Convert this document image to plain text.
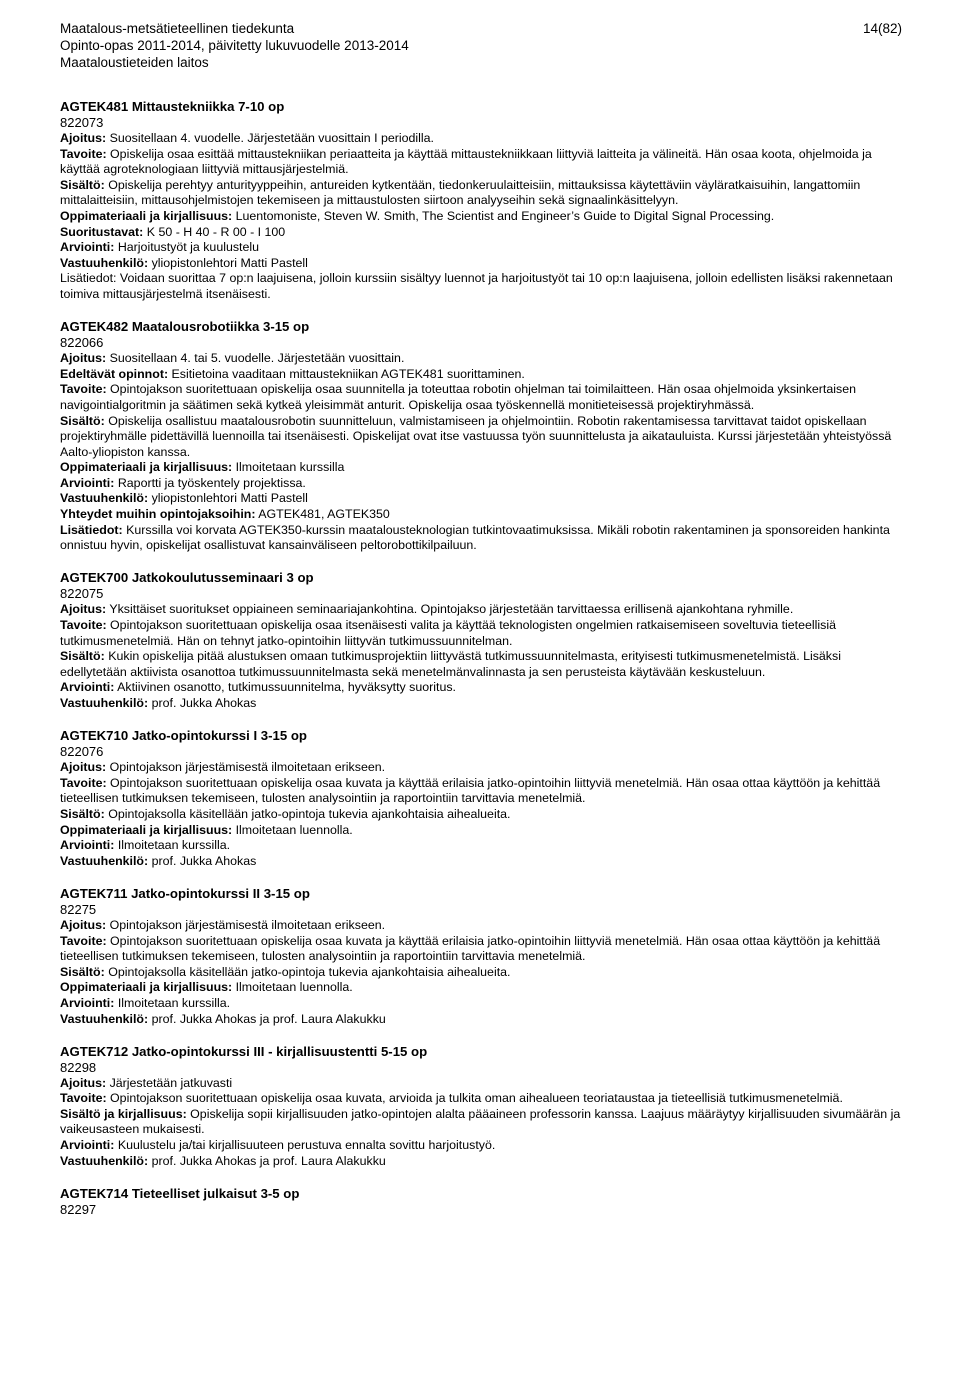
Maatalous-metsätieteellinen tiedekunta
Opinto-opas 2011-2014, päivitetty lukuvuodelle 2013-2014
Maataloustieteiden laitos
14(82)
AGTEK481 Mittaustekniikka 7-10 op
822073
Ajoitus: Suositellaan 4. vuodelle. Järjestetään vuosittain I periodilla.
Tavoite: Opiskelija osaa esittää mittaustekniikan periaatteita ja käyttää mittaustekniikkaan liittyviä laitteita ja välineitä. Hän osaa koota, ohjelmoida ja käyttää agroteknologiaan liittyviä mittausjärjestelmiä.
Sisältö: Opiskelija perehtyy anturityyppeihin, antureiden kytkentään, tiedonkeruulaitteisiin, mittauksissa käytettäviin väyläratkaisuihin, langattomiin mittalaitteisiin, mittausohjelmistojen tekemiseen ja mittaustulosten siirtoon analyyseihin sekä signaalinkäsittelyyn.
Oppimateriaali ja kirjallisuus: Luentomoniste, Steven W. Smith, The Scientist and Engineer’s Guide to Digital Signal Processing.
Suoritustavat: K 50 - H 40 - R 00 - I 100
Arviointi: Harjoitustyöt ja kuulustelu
Vastuuhenkilö: yliopistonlehtori Matti Pastell
Lisätiedot: Voidaan suorittaa 7 op:n laajuisena, jolloin kurssiin sisältyy luennot ja harjoitustyöt tai 10 op:n laajuisena, jolloin edellisten lisäksi rakennetaan toimiva mittausjärjestelmä itsenäisesti.
AGTEK482 Maatalousrobotiikka 3-15 op
822066
Ajoitus: Suositellaan 4. tai 5. vuodelle. Järjestetään vuosittain.
Edeltävät opinnot: Esitietoina vaaditaan mittaustekniikan AGTEK481 suorittaminen.
Tavoite: Opintojakson suoritettuaan opiskelija osaa suunnitella ja toteuttaa robotin ohjelman tai toimilaitteen. Hän osaa ohjelmoida yksinkertaisen navigointialgoritmin ja säätimen sekä kytkeä yleisimmät anturit. Opiskelija osaa työskennellä monitieteisessä projektiryhmässä.
Sisältö: Opiskelija osallistuu maatalousrobotin suunnitteluun, valmistamiseen ja ohjelmointiin. Robotin rakentamisessa tarvittavat taidot opiskellaan projektiryhmälle pidettävillä luennoilla tai itsenäisesti. Opiskelijat ovat itse vastuussa työn suunnittelusta ja aikatauluista. Kurssi järjestetään yhteistyössä Aalto-yliopiston kanssa.
Oppimateriaali ja kirjallisuus: Ilmoitetaan kurssilla
Arviointi: Raportti ja työskentely projektissa.
Vastuuhenkilö: yliopistonlehtori Matti Pastell
Yhteydet muihin opintojaksoihin: AGTEK481, AGTEK350
Lisätiedot: Kurssilla voi korvata AGTEK350-kurssin maatalousteknologian tutkintovaatimuksissa. Mikäli robotin rakentaminen ja sponsoreiden hankinta onnistuu hyvin, opiskelijat osallistuvat kansainväliseen peltorobottikilpailuun.
AGTEK700 Jatkokoulutusseminaari 3 op
822075
Ajoitus: Yksittäiset suoritukset oppiaineen seminaariajankohtina. Opintojakso järjestetään tarvittaessa erillisenä ajankohtana ryhmille.
Tavoite: Opintojakson suoritettuaan opiskelija osaa itsenäisesti valita ja käyttää teknologisten ongelmien ratkaisemiseen soveltuvia tieteellisiä tutkimusmenetelmiä. Hän on tehnyt jatko-opintoihin liittyvän tutkimussuunnitelman.
Sisältö: Kukin opiskelija pitää alustuksen omaan tutkimusprojektiin liittyvästä tutkimussuunnitelmasta, erityisesti tutkimusmenetelmistä. Lisäksi edellytetään aktiivista osanottoa tutkimussuunnitelmasta sekä menetelmänvalinnasta ja sen perusteista käytävään keskusteluun.
Arviointi: Aktiivinen osanotto, tutkimussuunnitelma, hyväksytty suoritus.
Vastuuhenkilö: prof. Jukka Ahokas
AGTEK710 Jatko-opintokurssi I 3-15 op
822076
Ajoitus: Opintojakson järjestämisestä ilmoitetaan erikseen.
Tavoite: Opintojakson suoritettuaan opiskelija osaa kuvata ja käyttää erilaisia jatko-opintoihin liittyviä menetelmiä. Hän osaa ottaa käyttöön ja kehittää tieteellisen tutkimuksen tekemiseen, tulosten analysointiin ja raportointiin tarvittavia menetelmiä.
Sisältö: Opintojaksolla käsitellään jatko-opintoja tukevia ajankohtaisia aihealueita.
Oppimateriaali ja kirjallisuus: Ilmoitetaan luennolla.
Arviointi: Ilmoitetaan kurssilla.
Vastuuhenkilö: prof. Jukka Ahokas
AGTEK711 Jatko-opintokurssi II 3-15 op
82275
Ajoitus: Opintojakson järjestämisestä ilmoitetaan erikseen.
Tavoite: Opintojakson suoritettuaan opiskelija osaa kuvata ja käyttää erilaisia jatko-opintoihin liittyviä menetelmiä. Hän osaa ottaa käyttöön ja kehittää tieteellisen tutkimuksen tekemiseen, tulosten analysointiin ja raportointiin tarvittavia menetelmiä.
Sisältö: Opintojaksolla käsitellään jatko-opintoja tukevia ajankohtaisia aihealueita.
Oppimateriaali ja kirjallisuus: Ilmoitetaan luennolla.
Arviointi: Ilmoitetaan kurssilla.
Vastuuhenkilö: prof. Jukka Ahokas ja prof. Laura Alakukku
AGTEK712 Jatko-opintokurssi III - kirjallisuustentti 5-15 op
82298
Ajoitus: Järjestetään jatkuvasti
Tavoite: Opintojakson suoritettuaan opiskelija osaa kuvata, arvioida ja tulkita oman aihealueen teoriataustaa ja tieteellisiä tutkimusmenetelmiä.
Sisältö ja kirjallisuus: Opiskelija sopii kirjallisuuden jatko-opintojen alalta pääaineen professorin kanssa. Laajuus määräytyy kirjallisuuden sivumäärän ja vaikeusasteen mukaisesti.
Arviointi: Kuulustelu ja/tai kirjallisuuteen perustuva ennalta sovittu harjoitustyö.
Vastuuhenkilö: prof. Jukka Ahokas ja prof. Laura Alakukku
AGTEK714 Tieteelliset julkaisut 3-5 op
82297
